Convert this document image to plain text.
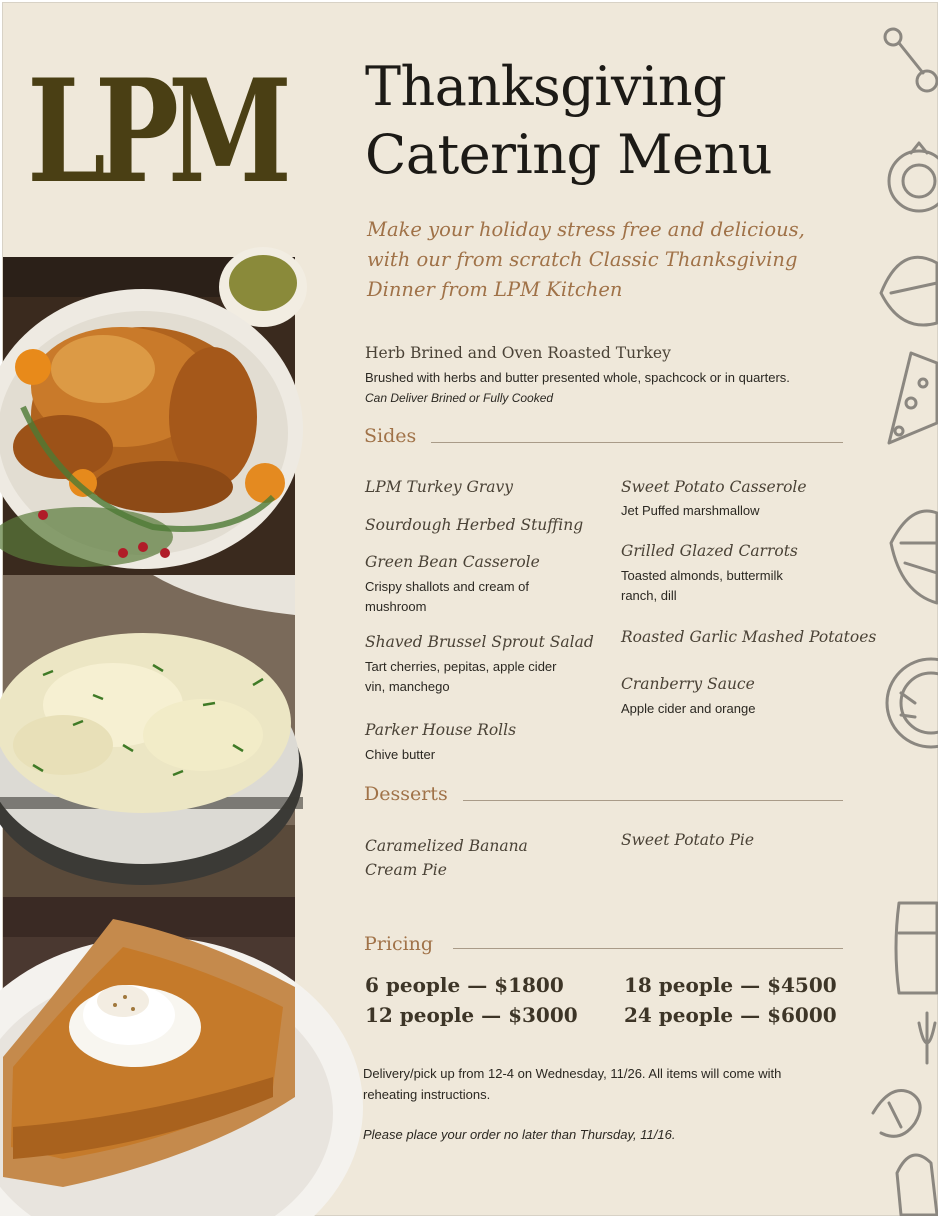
LPM Thanksgiving
Catering Menu
Make your holiday stress free and delicious, with our from scratch Classic Thanksgiving Dinner from LPM Kitchen
Herb Brined and Oven Roasted Turkey
Brushed with herbs and butter presented whole, spachcock or in quarters.
Can Deliver Brined or Fully Cooked
Sides
LPM Turkey Gravy
Sourdough Herbed Stuffing
Green Bean Casserole
Crispy shallots and cream of mushroom
Shaved Brussel Sprout Salad
Tart cherries, pepitas, apple cider vin, manchego
Parker House Rolls
Chive butter
Sweet Potato Casserole
Jet Puffed marshmallow
Grilled Glazed Carrots
Toasted almonds, buttermilk ranch, dill
Roasted Garlic Mashed Potatoes
Cranberry Sauce
Apple cider and orange
Desserts
Caramelized Banana
Cream Pie
Sweet Potato Pie
Pricing
6 people — $1800
12 people — $3000
18 people — $4500
24 people — $6000
Delivery/pick up from 12-4 on Wednesday, 11/26. All items will come with reheating instructions.
Please place your order no later than Thursday, 11/16.
